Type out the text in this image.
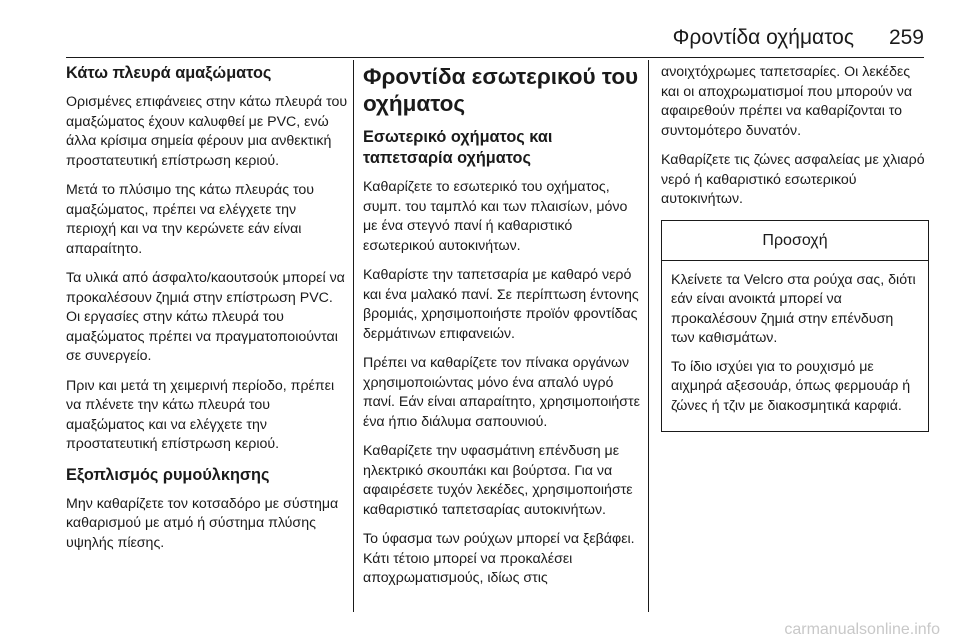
Φροντίδα οχήματος 259
Κάτω πλευρά αμαξώματος

Ορισμένες επιφάνειες στην κάτω πλευρά του αμαξώματος έχουν καλυφθεί με PVC, ενώ άλλα κρίσιμα σημεία φέρουν μια ανθεκτική προστατευτική επίστρωση κεριού.

Μετά το πλύσιμο της κάτω πλευράς του αμαξώματος, πρέπει να ελέγχετε την περιοχή και να την κερώνετε εάν είναι απαραίτητο.

Τα υλικά από άσφαλτο/καουτσούκ μπορεί να προκαλέσουν ζημιά στην επίστρωση PVC. Οι εργασίες στην κάτω πλευρά του αμαξώματος πρέπει να πραγματοποιούνται σε συνεργείο.

Πριν και μετά τη χειμερινή περίοδο, πρέπει να πλένετε την κάτω πλευρά του αμαξώματος και να ελέγχετε την προστατευτική επίστρωση κεριού.

Εξοπλισμός ρυμούλκησης

Μην καθαρίζετε τον κοτσαδόρο με σύστημα καθαρισμού με ατμό ή σύστημα πλύσης υψηλής πίεσης.

Φροντίδα εσωτερικού του οχήματος
Εσωτερικό οχήματος και ταπετσαρία οχήματος

Καθαρίζετε το εσωτερικό του οχήματος, συμπ. του ταμπλό και των πλαισίων, μόνο με ένα στεγνό πανί ή καθαριστικό εσωτερικού αυτοκινήτων.

Καθαρίστε την ταπετσαρία με καθαρό νερό και ένα μαλακό πανί. Σε περίπτωση έντονης βρομιάς, χρησιμοποιήστε προϊόν φροντίδας δερμάτινων επιφανειών.

Πρέπει να καθαρίζετε τον πίνακα οργάνων χρησιμοποιώντας μόνο ένα απαλό υγρό πανί. Εάν είναι απαραίτητο, χρησιμοποιήστε ένα ήπιο διάλυμα σαπουνιού.

Καθαρίζετε την υφασμάτινη επένδυση με ηλεκτρικό σκουπάκι και βούρτσα. Για να αφαιρέσετε τυχόν λεκέδες, χρησιμοποιήστε καθαριστικό ταπετσαρίας αυτοκινήτων.

Το ύφασμα των ρούχων μπορεί να ξεβάφει. Κάτι τέτοιο μπορεί να προκαλέσει αποχρωματισμούς, ιδίως στις

ανοιχτόχρωμες ταπετσαρίες. Οι λεκέδες και οι αποχρωματισμοί που μπορούν να αφαιρεθούν πρέπει να καθαρίζονται το συντομότερο δυνατόν.

Καθαρίζετε τις ζώνες ασφαλείας με χλιαρό νερό ή καθαριστικό εσωτερικού αυτοκινήτων.

Προσοχή

Κλείνετε τα Velcro στα ρούχα σας, διότι εάν είναι ανοικτά μπορεί να προκαλέσουν ζημιά στην επένδυση των καθισμάτων.

Το ίδιο ισχύει για το ρουχισμό με αιχμηρά αξεσουάρ, όπως φερμουάρ ή ζώνες ή τζιν με διακοσμητικά καρφιά.

carmanualsonline.info
